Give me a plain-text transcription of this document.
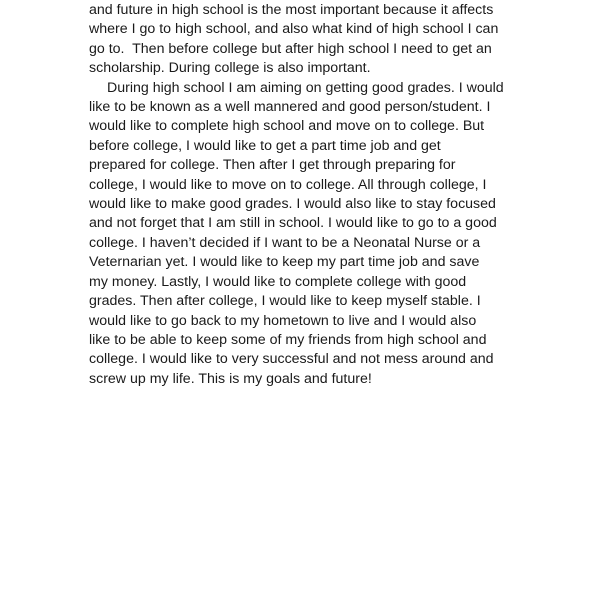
and future in high school is the most important because it affects
where I go to high school, and also what kind of high school I can
go to.  Then before college but after high school I need to get an
scholarship. During college is also important.
During high school I am aiming on getting good grades. I would
like to be known as a well mannered and good person/student. I
would like to complete high school and move on to college. But
before college, I would like to get a part time job and get
prepared for college. Then after I get through preparing for
college, I would like to move on to college. All through college, I
would like to make good grades. I would also like to stay focused
and not forget that I am still in school. I would like to go to a good
college. I haven’t decided if I want to be a Neonatal Nurse or a
Veternarian yet. I would like to keep my part time job and save
my money. Lastly, I would like to complete college with good
grades. Then after college, I would like to keep myself stable. I
would like to go back to my hometown to live and I would also
like to be able to keep some of my friends from high school and
college. I would like to very successful and not mess around and
screw up my life. This is my goals and future!
